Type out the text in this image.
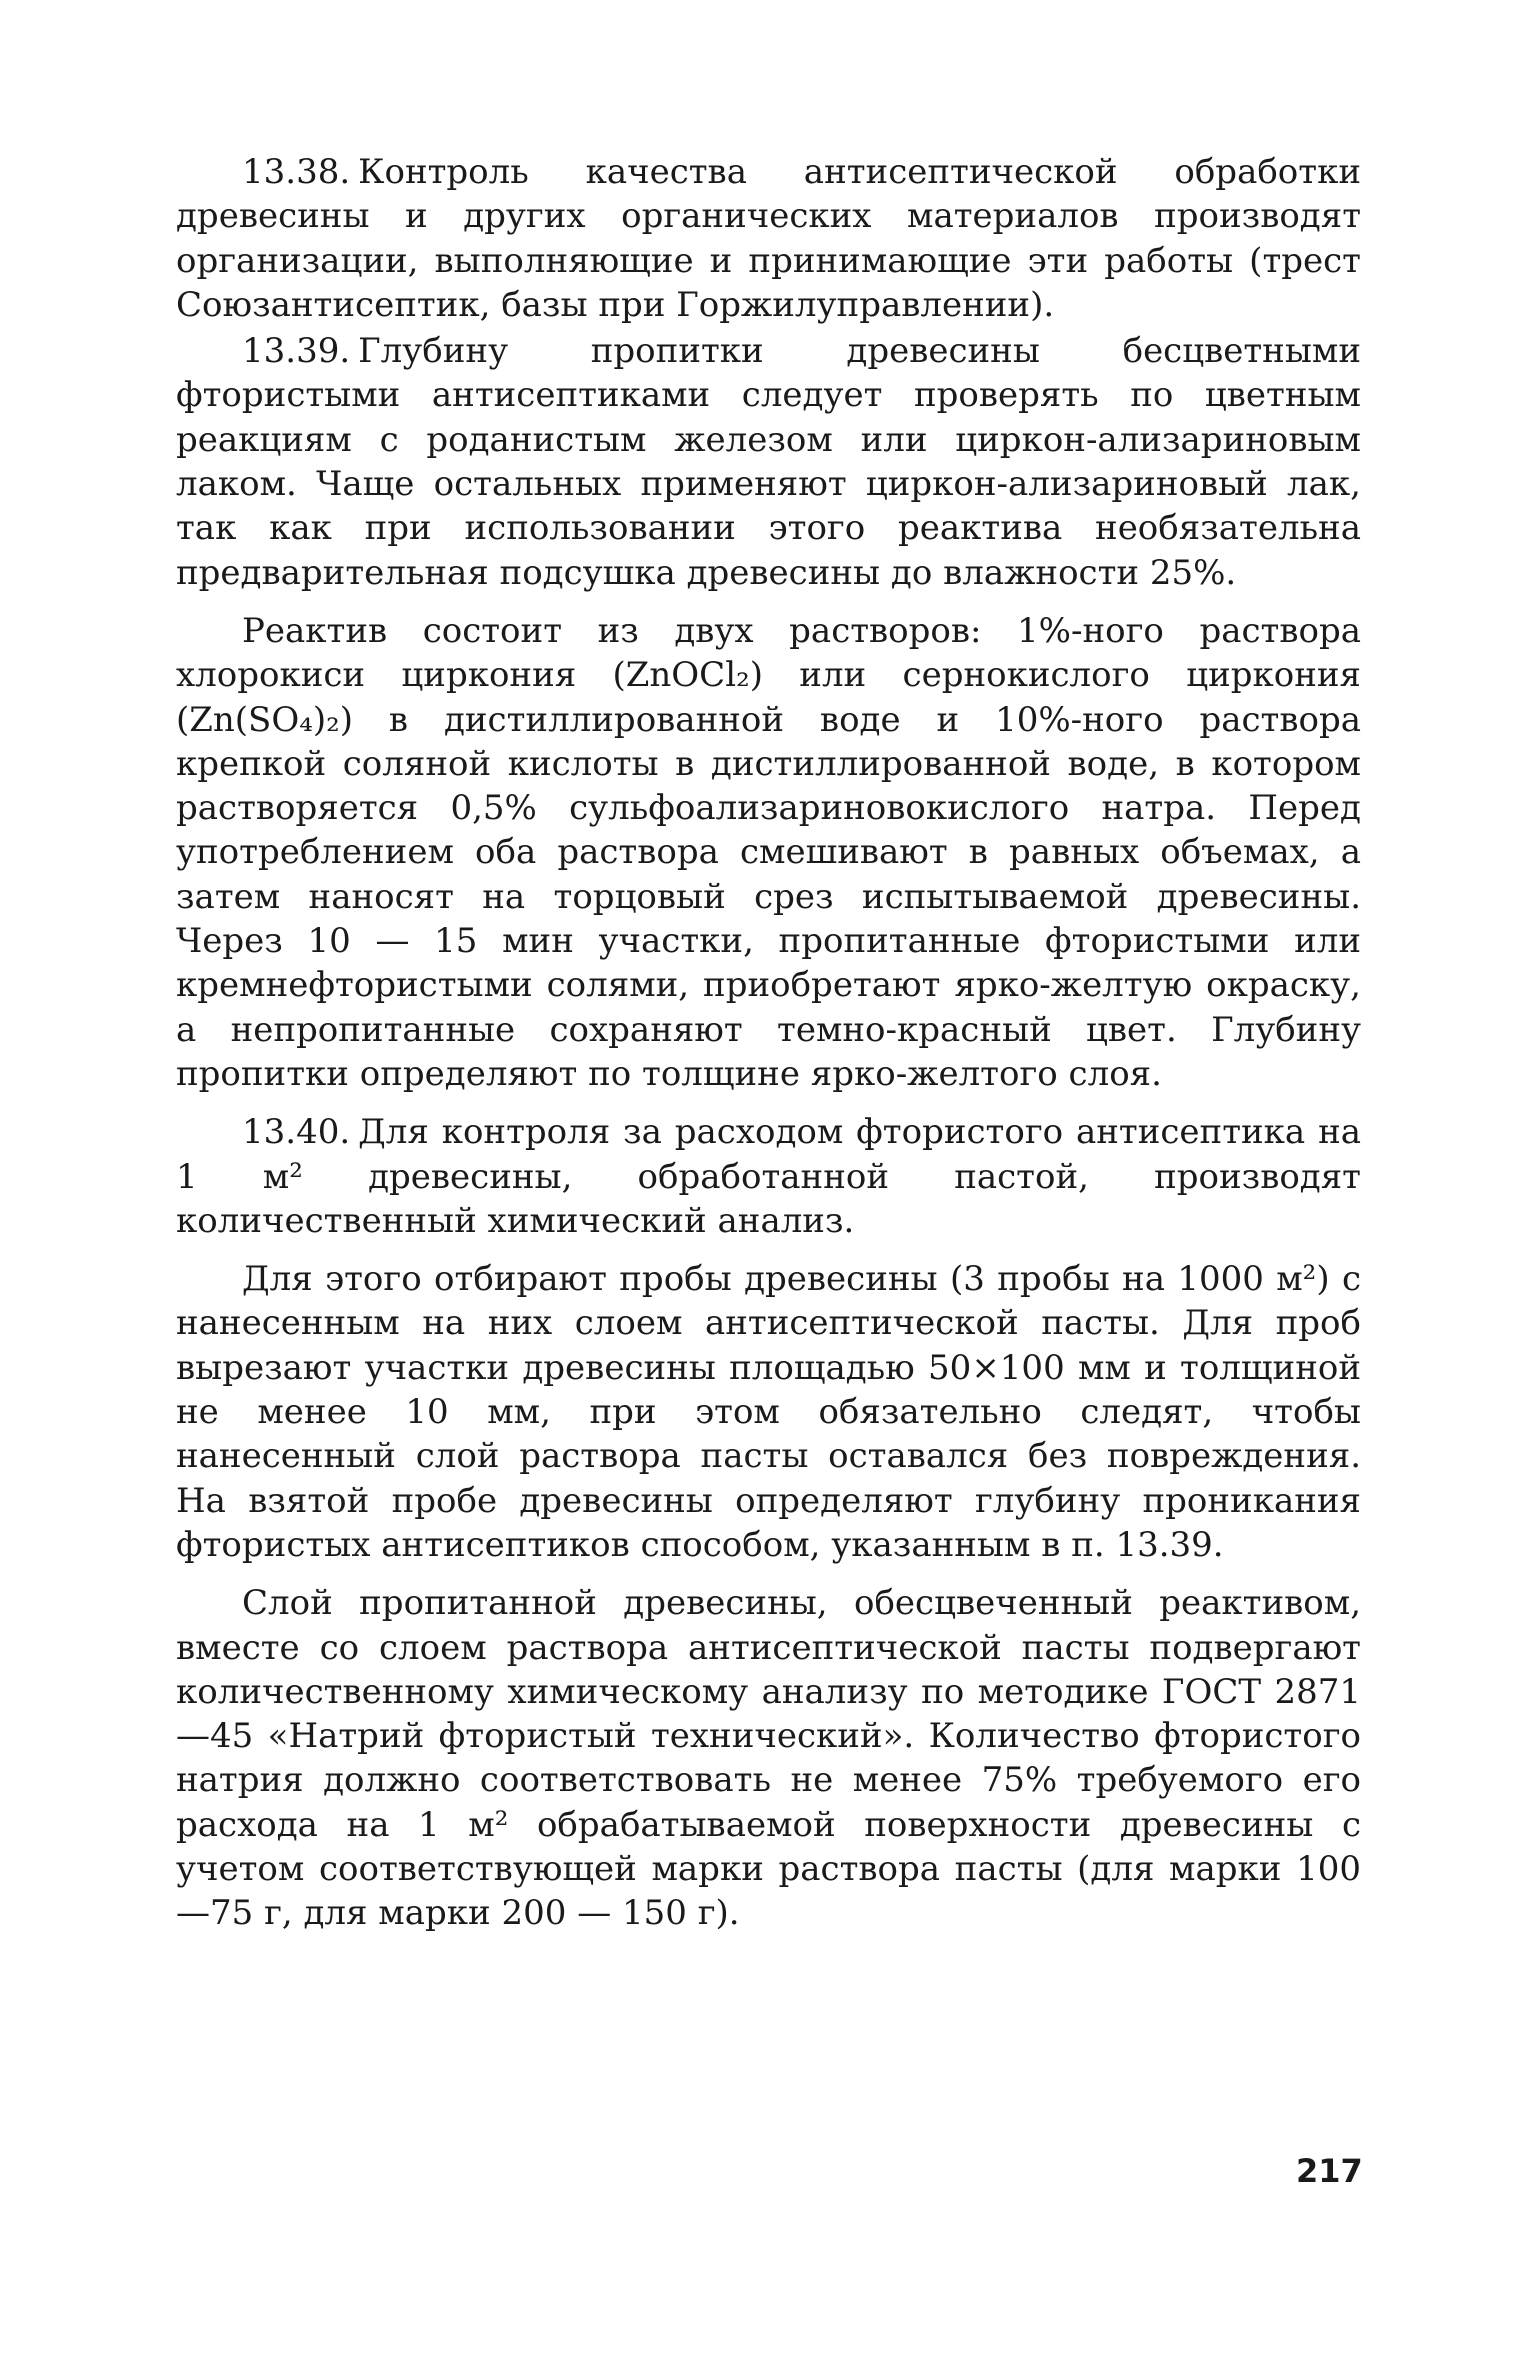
13.38. Контроль качества антисептической обработки древесины и других органических материалов производят организации, выполняющие и принимающие эти работы (трест Союзантисептик, базы при Горжилуправлении).

13.39. Глубину пропитки древесины бесцветными фтористыми антисептиками следует проверять по цветным реакциям с роданистым железом или циркон-ализариновым лаком. Чаще остальных применяют циркон-ализариновый лак, так как при использовании этого реактива необязательна предварительная подсушка древесины до влажности 25%.

Реактив состоит из двух растворов: 1%-ного раствора хлорокиси циркония (ZnOCl₂) или сернокислого циркония (Zn(SO₄)₂) в дистиллированной воде и 10%-ного раствора крепкой соляной кислоты в дистиллированной воде, в котором растворяется 0,5% сульфоализариновокислого натра. Перед употреблением оба раствора смешивают в равных объемах, а затем наносят на торцовый срез испытываемой древесины. Через 10 — 15 мин участки, пропитанные фтористыми или кремнефтористыми солями, приобретают ярко-желтую окраску, а непропитанные сохраняют темно-красный цвет. Глубину пропитки определяют по толщине ярко-желтого слоя.

13.40. Для контроля за расходом фтористого антисептика на 1 м² древесины, обработанной пастой, производят количественный химический анализ.

Для этого отбирают пробы древесины (3 пробы на 1000 м²) с нанесенным на них слоем антисептической пасты. Для проб вырезают участки древесины площадью 50×100 мм и толщиной не менее 10 мм, при этом обязательно следят, чтобы нанесенный слой раствора пасты оставался без повреждения. На взятой пробе древесины определяют глубину проникания фтористых антисептиков способом, указанным в п. 13.39.

Слой пропитанной древесины, обесцвеченный реактивом, вместе со слоем раствора антисептической пасты подвергают количественному химическому анализу по методике ГОСТ 2871—45 «Натрий фтористый технический». Количество фтористого натрия должно соответствовать не менее 75% требуемого его расхода на 1 м² обрабатываемой поверхности древесины с учетом соответствующей марки раствора пасты (для марки 100—75 г, для марки 200 — 150 г).

217
